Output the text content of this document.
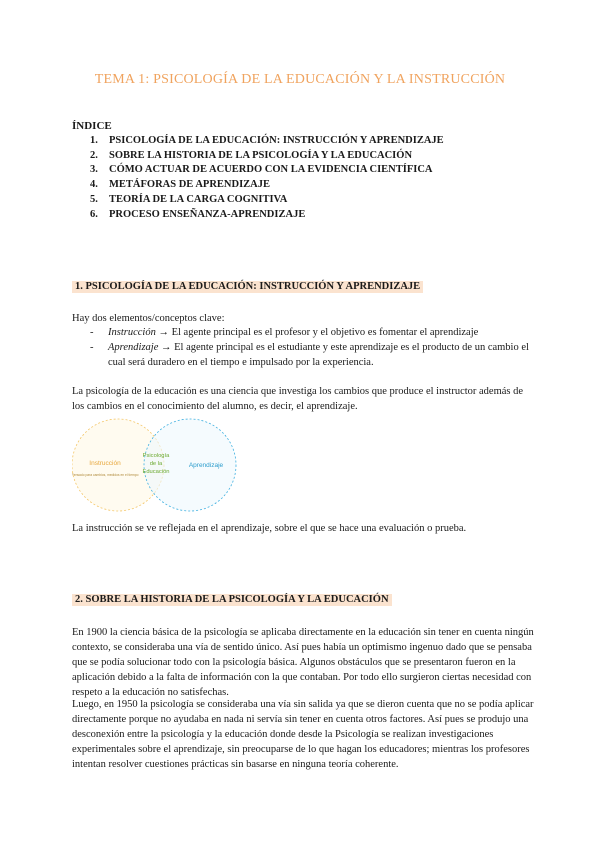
TEMA 1: PSICOLOGÍA DE LA EDUCACIÓN Y LA INSTRUCCIÓN
ÍNDICE
1. PSICOLOGÍA DE LA EDUCACIÓN: INSTRUCCIÓN Y APRENDIZAJE
2. SOBRE LA HISTORIA DE LA PSICOLOGÍA Y LA EDUCACIÓN
3. CÓMO ACTUAR DE ACUERDO CON LA EVIDENCIA CIENTÍFICA
4. METÁFORAS DE APRENDIZAJE
5. TEORÍA DE LA CARGA COGNITIVA
6. PROCESO ENSEÑANZA-APRENDIZAJE
1. PSICOLOGÍA DE LA EDUCACIÓN: INSTRUCCIÓN Y APRENDIZAJE
Hay dos elementos/conceptos clave:
- Instrucción → El agente principal es el profesor y el objetivo es fomentar el aprendizaje
- Aprendizaje → El agente principal es el estudiante y este aprendizaje es el producto de un cambio el cual será duradero en el tiempo e impulsado por la experiencia.
La psicología de la educación es una ciencia que investiga los cambios que produce el instructor además de los cambios en el conocimiento del alumno, es decir, el aprendizaje.
Instrucción
Pensado para cambios, medidos en el tiempo
Psicología
de la
Educación
Aprendizaje
La instrucción se ve reflejada en el aprendizaje, sobre el que se hace una evaluación o prueba.
2. SOBRE LA HISTORIA DE LA PSICOLOGÍA Y LA EDUCACIÓN
En 1900 la ciencia básica de la psicología se aplicaba directamente en la educación sin tener en cuenta ningún contexto, se consideraba una vía de sentido único. Así pues había un optimismo ingenuo dado que se pensaba que se podía solucionar todo con la psicología básica. Algunos obstáculos que se presentaron fueron en la aplicación debido a la falta de información con la que contaban. Por todo ello surgieron ciertas necesidad con respeto a la educación no satisfechas.
Luego, en 1950 la psicología se consideraba una vía sin salida ya que se dieron cuenta que no se podía aplicar directamente porque no ayudaba en nada ni servía sin tener en cuenta otros factores. Así pues se produjo una desconexión entre la psicología y la educación donde desde la Psicología se realizan investigaciones experimentales sobre el aprendizaje, sin preocuparse de lo que hagan los educadores; mientras los profesores intentan resolver cuestiones prácticas sin basarse en ninguna teoría coherente.
